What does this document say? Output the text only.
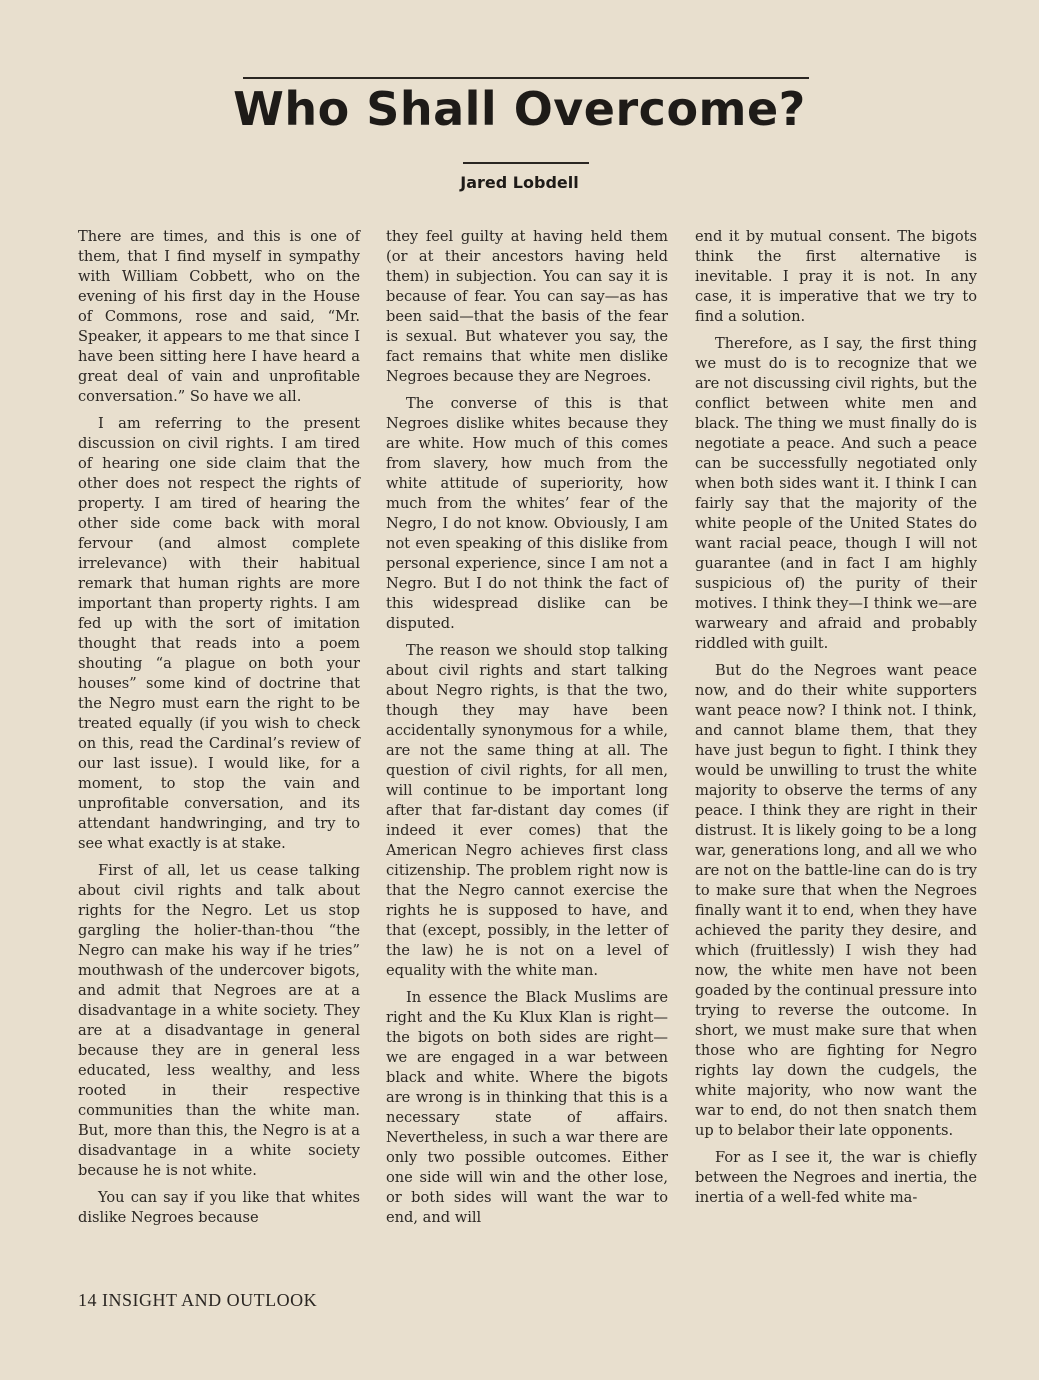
Who Shall Overcome?
Jared Lobdell

There are times, and this is one of them, that I find myself in sympathy with William Cobbett, who on the evening of his first day in the House of Commons, rose and said, “Mr. Speaker, it appears to me that since I have been sitting here I have heard a great deal of vain and unprofitable conversation.” So have we all.

I am referring to the present discussion on civil rights. I am tired of hearing one side claim that the other does not respect the rights of property. I am tired of hearing the other side come back with moral fervour (and almost complete irrelevance) with their habitual remark that human rights are more important than property rights. I am fed up with the sort of imitation thought that reads into a poem shouting “a plague on both your houses” some kind of doctrine that the Negro must earn the right to be treated equally (if you wish to check on this, read the Cardinal’s review of our last issue). I would like, for a moment, to stop the vain and unprofitable conversation, and its attendant handwringing, and try to see what exactly is at stake.

First of all, let us cease talking about civil rights and talk about rights for the Negro. Let us stop gargling the holier-than-thou “the Negro can make his way if he tries” mouthwash of the undercover bigots, and admit that Negroes are at a disadvantage in a white society. They are at a disadvantage in general because they are in general less educated, less wealthy, and less rooted in their respective communities than the white man. But, more than this, the Negro is at a disadvantage in a white society because he is not white.

You can say if you like that whites dislike Negroes because

they feel guilty at having held them (or at their ancestors having held them) in subjection. You can say it is because of fear. You can say—as has been said—that the basis of the fear is sexual. But whatever you say, the fact remains that white men dislike Negroes because they are Negroes.

The converse of this is that Negroes dislike whites because they are white. How much of this comes from slavery, how much from the white attitude of superiority, how much from the whites’ fear of the Negro, I do not know. Obviously, I am not even speaking of this dislike from personal experience, since I am not a Negro. But I do not think the fact of this widespread dislike can be disputed.

The reason we should stop talking about civil rights and start talking about Negro rights, is that the two, though they may have been accidentally synonymous for a while, are not the same thing at all. The question of civil rights, for all men, will continue to be important long after that far-distant day comes (if indeed it ever comes) that the American Negro achieves first class citizenship. The problem right now is that the Negro cannot exercise the rights he is supposed to have, and that (except, possibly, in the letter of the law) he is not on a level of equality with the white man.

In essence the Black Muslims are right and the Ku Klux Klan is right—the bigots on both sides are right—we are engaged in a war between black and white. Where the bigots are wrong is in thinking that this is a necessary state of affairs. Nevertheless, in such a war there are only two possible outcomes. Either one side will win and the other lose, or both sides will want the war to end, and will

end it by mutual consent. The bigots think the first alternative is inevitable. I pray it is not. In any case, it is imperative that we try to find a solution.

Therefore, as I say, the first thing we must do is to recognize that we are not discussing civil rights, but the conflict between white men and black. The thing we must finally do is negotiate a peace. And such a peace can be successfully negotiated only when both sides want it. I think I can fairly say that the majority of the white people of the United States do want racial peace, though I will not guarantee (and in fact I am highly suspicious of) the purity of their motives. I think they—I think we—are warweary and afraid and probably riddled with guilt.

But do the Negroes want peace now, and do their white supporters want peace now? I think not. I think, and cannot blame them, that they have just begun to fight. I think they would be unwilling to trust the white majority to observe the terms of any peace. I think they are right in their distrust. It is likely going to be a long war, generations long, and all we who are not on the battle-line can do is try to make sure that when the Negroes finally want it to end, when they have achieved the parity they desire, and which (fruitlessly) I wish they had now, the white men have not been goaded by the continual pressure into trying to reverse the outcome. In short, we must make sure that when those who are fighting for Negro rights lay down the cudgels, the white majority, who now want the war to end, do not then snatch them up to belabor their late opponents.

For as I see it, the war is chiefly between the Negroes and inertia, the inertia of a well-fed white ma-

14 INSIGHT AND OUTLOOK
